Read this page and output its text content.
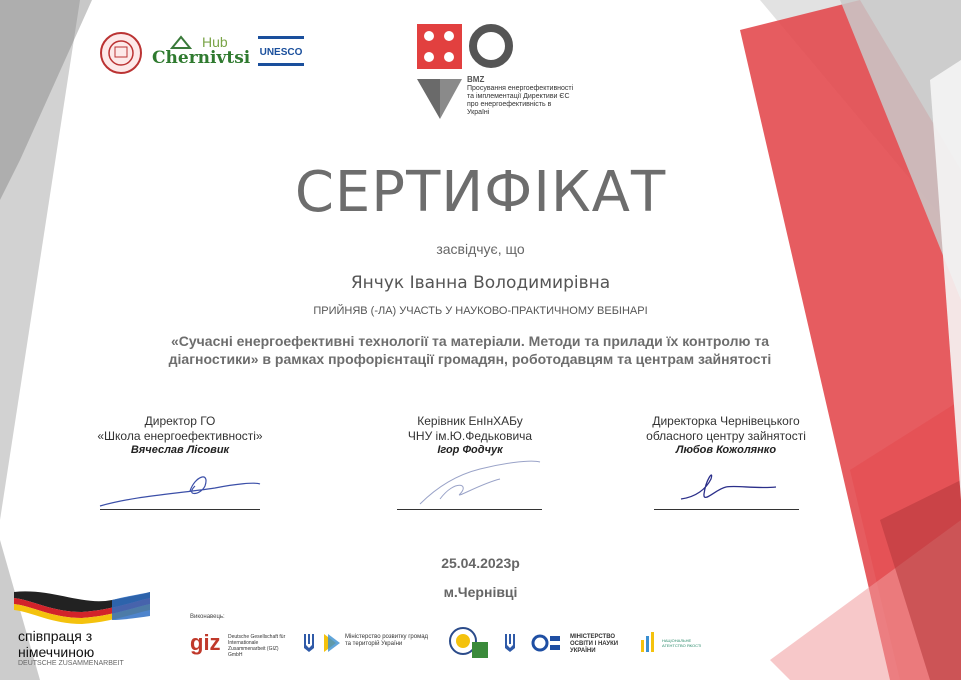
Hub
Chernivtsi UNESCO
BMZ
Просування енергоефективності та імплементації Директиви ЄС про енергоефективність в Україні
СЕРТИФІКАТ
засвідчує, що
Янчук Іванна Володимирівна
ПРИЙНЯВ (-ЛА) УЧАСТЬ У НАУКОВО-ПРАКТИЧНОМУ ВЕБІНАРІ
«Сучасні енергоефективні технології та матеріали. Методи та прилади їх контролю та діагностики» в рамках профорієнтації громадян, роботодавцям та центрам зайнятості
Директор ГО
«Школа енергоефективності»
Вячеслав Лісовик
Керівник ЕнІнХАБу
ЧНУ ім.Ю.Федьковича
Ігор Фодчук
Директорка Чернівецького
обласного центру зайнятості
Любов Кожолянко
25.04.2023р
м.Чернівці
співпраця з
німеччиною
DEUTSCHE ZUSAMMENARBEIT
Виконавець:
giz Deutsche Gesellschaft für Internationale Zusammenarbeit (GIZ) GmbH
Міністерство розвитку громад та територій України
МІНІСТЕРСТВО ОСВІТИ І НАУКИ УКРАЇНИ
НАЦІОНАЛЬНЕ АГЕНТСТВО ЯКОСТІ
